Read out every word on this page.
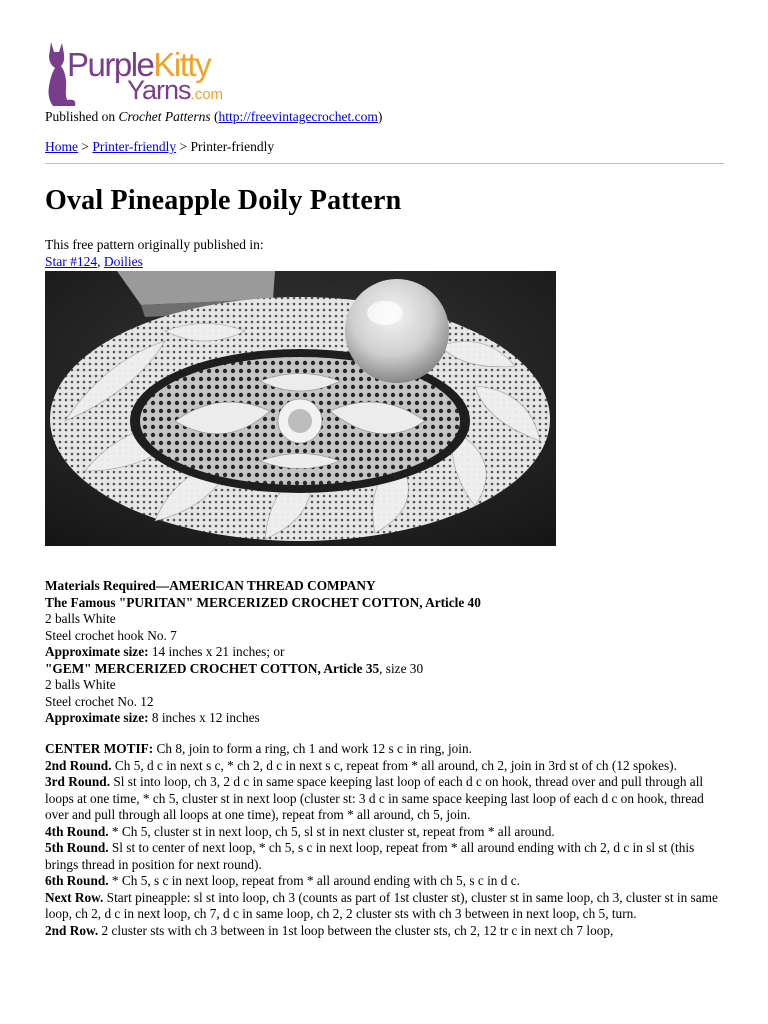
PurpleKitty
Yarns.com
Published on Crochet Patterns (http://freevintagecrochet.com)
Home > Printer-friendly > Printer-friendly
Oval Pineapple Doily Pattern
This free pattern originally published in:
Star #124, Doilies
Materials Required—AMERICAN THREAD COMPANY
The Famous "PURITAN" MERCERIZED CROCHET COTTON, Article 40
2 balls White
Steel crochet hook No. 7
Approximate size: 14 inches x 21 inches; or
"GEM" MERCERIZED CROCHET COTTON, Article 35, size 30
2 balls White
Steel crochet No. 12
Approximate size: 8 inches x 12 inches

CENTER MOTIF: Ch 8, join to form a ring, ch 1 and work 12 s c in ring, join.

2nd Round. Ch 5, d c in next s c, * ch 2, d c in next s c, repeat from * all around, ch 2, join in 3rd st of ch (12 spokes).

3rd Round. Sl st into loop, ch 3, 2 d c in same space keeping last loop of each d c on hook, thread over and pull through all loops at one time, * ch 5, cluster st in next loop (cluster st: 3 d c in same space keeping last loop of each d c on hook, thread over and pull through all loops at one time), repeat from * all around, ch 5, join.

4th Round. * Ch 5, cluster st in next loop, ch 5, sl st in next cluster st, repeat from * all around.

5th Round. Sl st to center of next loop, * ch 5, s c in next loop, repeat from * all around ending with ch 2, d c in sl st (this brings thread in position for next round).

6th Round. * Ch 5, s c in next loop, repeat from * all around ending with ch 5, s c in d c.

Next Row. Start pineapple: sl st into loop, ch 3 (counts as part of 1st cluster st), cluster st in same loop, ch 3, cluster st in same loop, ch 2, d c in next loop, ch 7, d c in same loop, ch 2, 2 cluster sts with ch 3 between in next loop, ch 5, turn.

2nd Row. 2 cluster sts with ch 3 between in 1st loop between the cluster sts, ch 2, 12 tr c in next ch 7 loop,
